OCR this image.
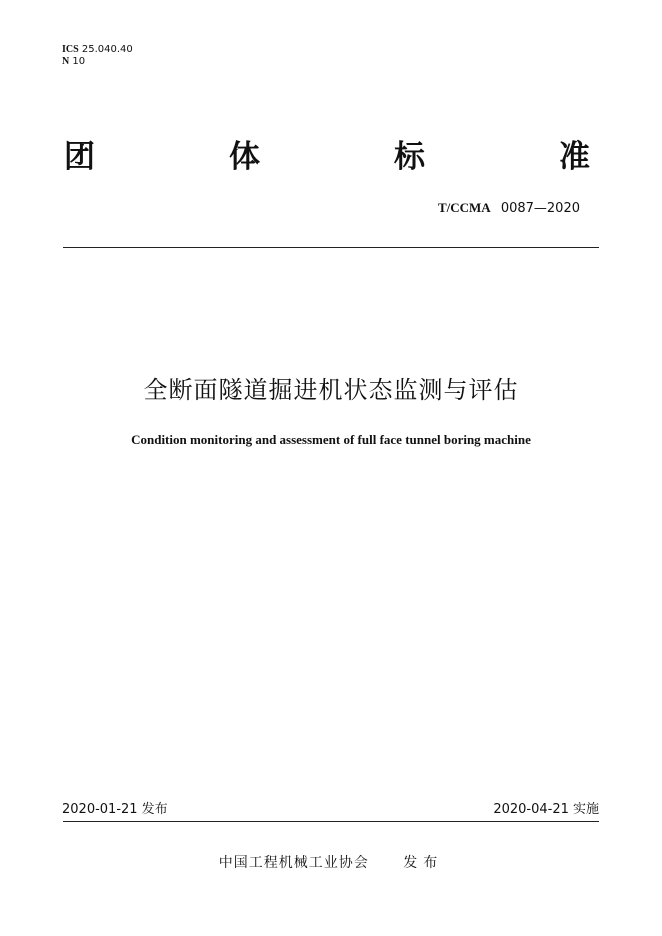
ICS 25.040.40
N 10
团	体	标	准
T/CCMA 0087—2020
全断面隧道掘进机状态监测与评估
Condition monitoring and assessment of full face tunnel boring machine
2020-01-21 发布	2020-04-21 实施
中国工程机械工业协会 发布
